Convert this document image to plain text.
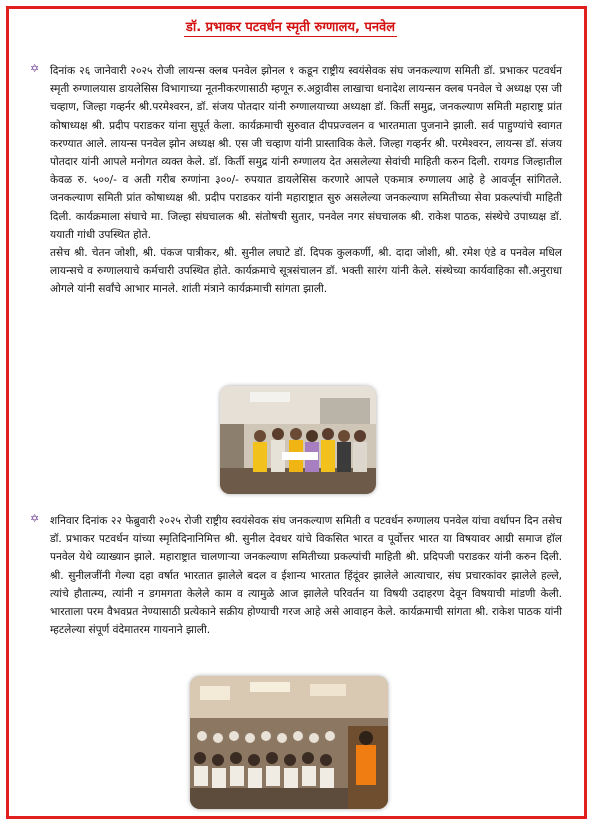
डॉ. प्रभाकर पटवर्धन स्मृती रुग्णालय, पनवेल
✡ दिनांक २६ जानेवारी २०२५ रोजी लायन्स क्लब पनवेल झोनल १ कडून राष्ट्रीय स्वयंसेवक संघ जनकल्याण समिती डॉ. प्रभाकर पटवर्धन स्मृती रुग्णालयास डायलेसिस विभागाच्या नूतनीकरणासाठी म्हणून रु.अठ्ठावीस लाखाचा धनादेश लायन्सन क्लब पनवेल चे अध्यक्ष एस जी चव्हाण, जिल्हा गव्हर्नर श्री.परमेश्वरन, डॉ. संजय पोतदार यांनी रुग्णालयाच्या अध्यक्षा डॉ. किर्ती समुद्र, जनकल्याण समिती महाराष्ट्र प्रांत कोषाध्यक्ष श्री. प्रदीप पराडकर यांना सुपूर्त केला. कार्यक्रमाची सुरुवात दीपप्रज्वलन व भारतमाता पुजनाने झाली. सर्व पाहुण्यांचे स्वागत करण्यात आले. लायन्स पनवेल झोन अध्यक्ष श्री. एस जी चव्हाण यांनी प्रास्ताविक केले. जिल्हा गव्हर्नर श्री. परमेश्वरन, लायन्स डॉ. संजय पोतदार यांनी आपले मनोगत व्यक्त केले. डॉ. किर्ती समुद्र यांनी रुग्णालय देत असलेल्या सेवांची माहिती करुन दिली. रायगड जिल्हातील केवळ रु. ५००/- व अती गरीब रुग्णांना ३००/- रुपयात डायलेसिस करणारे आपले एकमात्र रुग्णालय आहे हे आवर्जून सांगितले. जनकल्याण समिती प्रांत कोषाध्यक्ष श्री. प्रदीप पराडकर यांनी महाराष्ट्रात सुरु असलेल्या जनकल्याण समितीच्या सेवा प्रकल्पांची माहिती दिली. कार्यक्रमाला संघाचे मा. जिल्हा संघचालक श्री. संतोषची सुतार, पनवेल नगर संघचालक श्री. राकेश पाठक, संस्थेचे उपाध्यक्ष डॉ. ययाती गांधी उपस्थित होते.

तसेच श्री. चेतन जोशी, श्री. पंकज पात्रीकर, श्री. सुनील लघाटे डॉ. दिपक कुलकर्णी, श्री. दादा जोशी, श्री. रमेश एंडे व पनवेल मधिल लायन्सचे व रुग्णालयाचे कर्मचारी उपस्थित होते. कार्यक्रमाचे सूत्रसंचालन डॉ. भक्ती सारंग यांनी केले. संस्थेच्या कार्यवाहिका सौ.अनुराधा ओगले यांनी सर्वांचे आभार मानले. शांती मंत्राने कार्यक्रमाची सांगता झाली.

✡ शनिवार दिनांक २२ फेब्रुवारी २०२५ रोजी राष्ट्रीय स्वयंसेवक संघ जनकल्याण समिती व पटवर्धन रुग्णालय पनवेल यांचा वर्धापन दिन तसेच डॉ. प्रभाकर पटवर्धन यांच्या स्मृतिदिनानिमित्त श्री. सुनील देवधर यांचे विकसित भारत व पूर्वोत्तर भारत या विषयावर आग्री समाज हॉल पनवेल येथे व्याख्यान झाले. महाराष्ट्रात चालणाऱ्या जनकल्याण समितीच्या प्रकल्पांची माहिती श्री. प्रदिपजी पराडकर यांनी करुन दिली. श्री. सुनीलजींनी गेल्या दहा वर्षात भारतात झालेले बदल व ईशान्य भारतात हिंदूंवर झालेले आत्याचार, संघ प्रचारकांवर झालेले हल्ले, त्यांचे हौतात्म्य, त्यांनी न डगमगता केलेले काम व त्यामुळे आज झालेले परिवर्तन या विषयी उदाहरण देवून विषयाची मांडणी केली. भारताला परम वैभवप्रत नेण्यासाठी प्रत्येकाने सक्रीय होण्याची गरज आहे असे आवाहन केले. कार्यक्रमाची सांगता श्री. राकेश पाठक यांनी म्हटलेल्या संपूर्ण वंदेमातरम गायनाने झाली.
